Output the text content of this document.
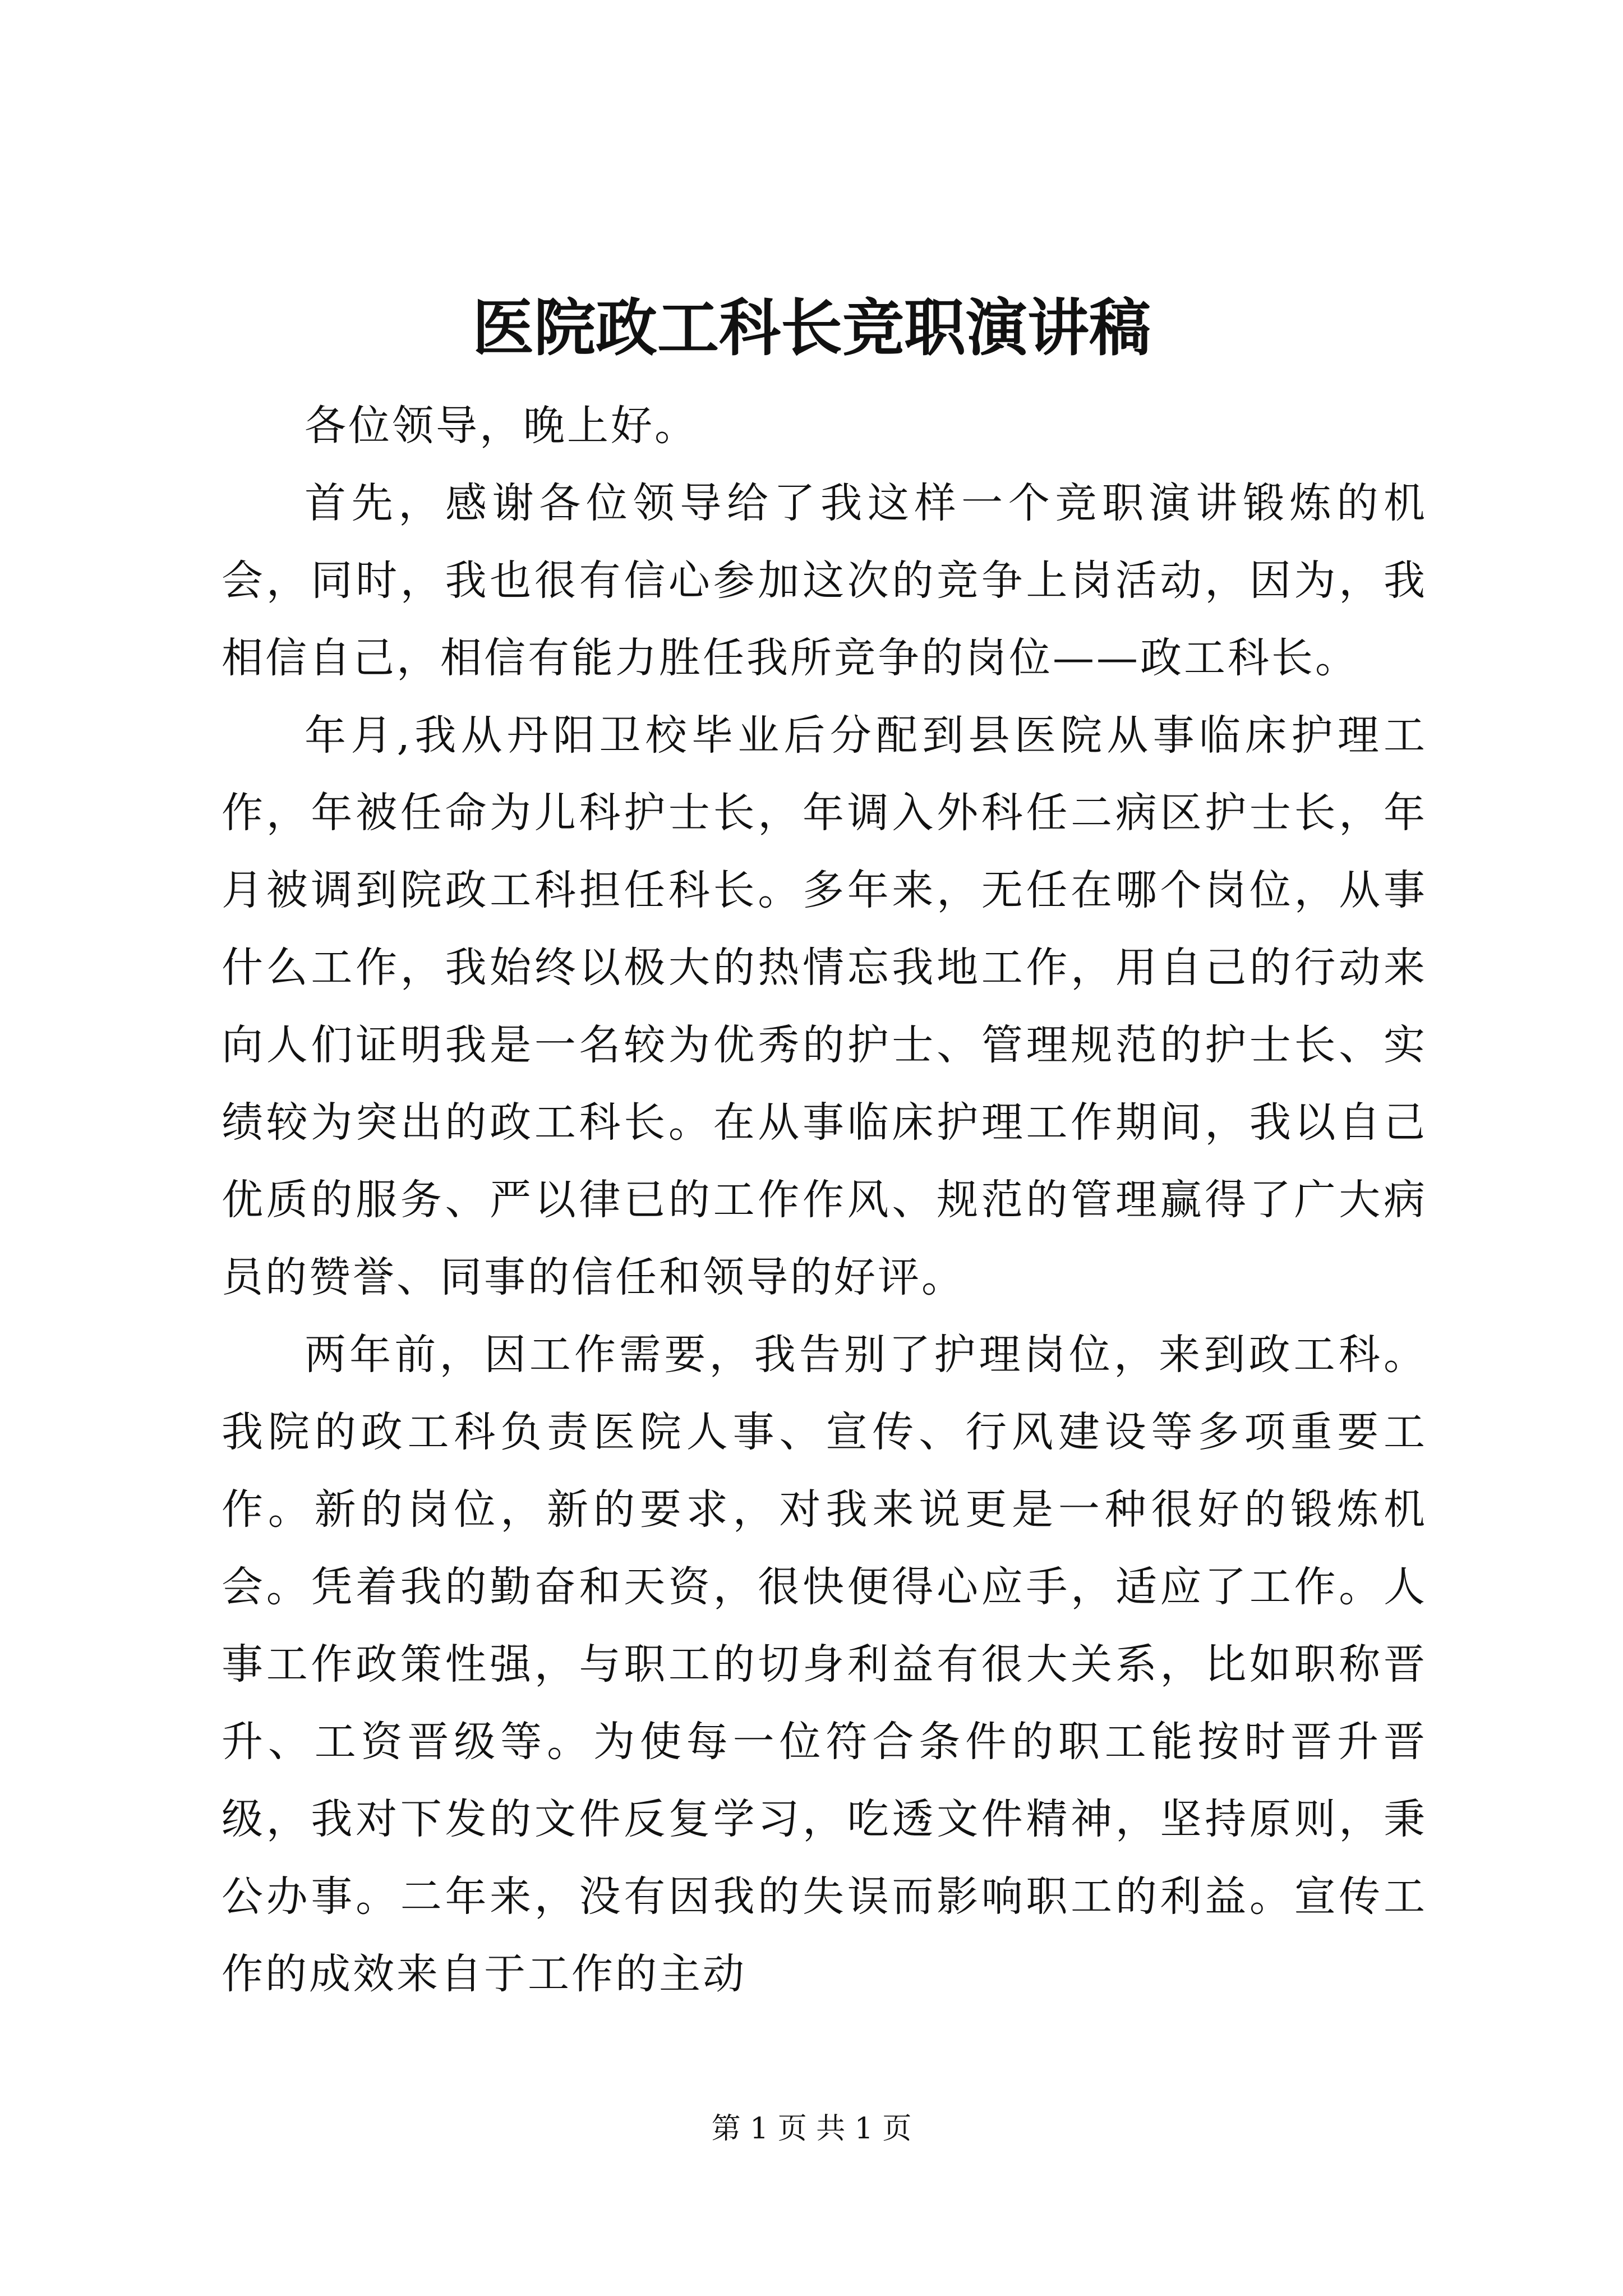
医院政工科长竞职演讲稿

各位领导，晚上好。

首先，感谢各位领导给了我这样一个竞职演讲锻炼的机会，同时，我也很有信心参加这次的竞争上岗活动，因为，我相信自己，相信有能力胜任我所竞争的岗位——政工科长。

年月,我从丹阳卫校毕业后分配到县医院从事临床护理工作，年被任命为儿科护士长，年调入外科任二病区护士长，年月被调到院政工科担任科长。多年来，无任在哪个岗位，从事什么工作，我始终以极大的热情忘我地工作，用自己的行动来向人们证明我是一名较为优秀的护士、管理规范的护士长、实绩较为突出的政工科长。在从事临床护理工作期间，我以自己优质的服务、严以律已的工作作风、规范的管理赢得了广大病员的赞誉、同事的信任和领导的好评。

两年前，因工作需要，我告别了护理岗位，来到政工科。我院的政工科负责医院人事、宣传、行风建设等多项重要工作。新的岗位，新的要求，对我来说更是一种很好的锻炼机会。凭着我的勤奋和天资，很快便得心应手，适应了工作。人事工作政策性强，与职工的切身利益有很大关系，比如职称晋升、工资晋级等。为使每一位符合条件的职工能按时晋升晋级，我对下发的文件反复学习，吃透文件精神，坚持原则，秉公办事。二年来，没有因我的失误而影响职工的利益。宣传工作的成效来自于工作的主动

第 1 页 共 1 页
